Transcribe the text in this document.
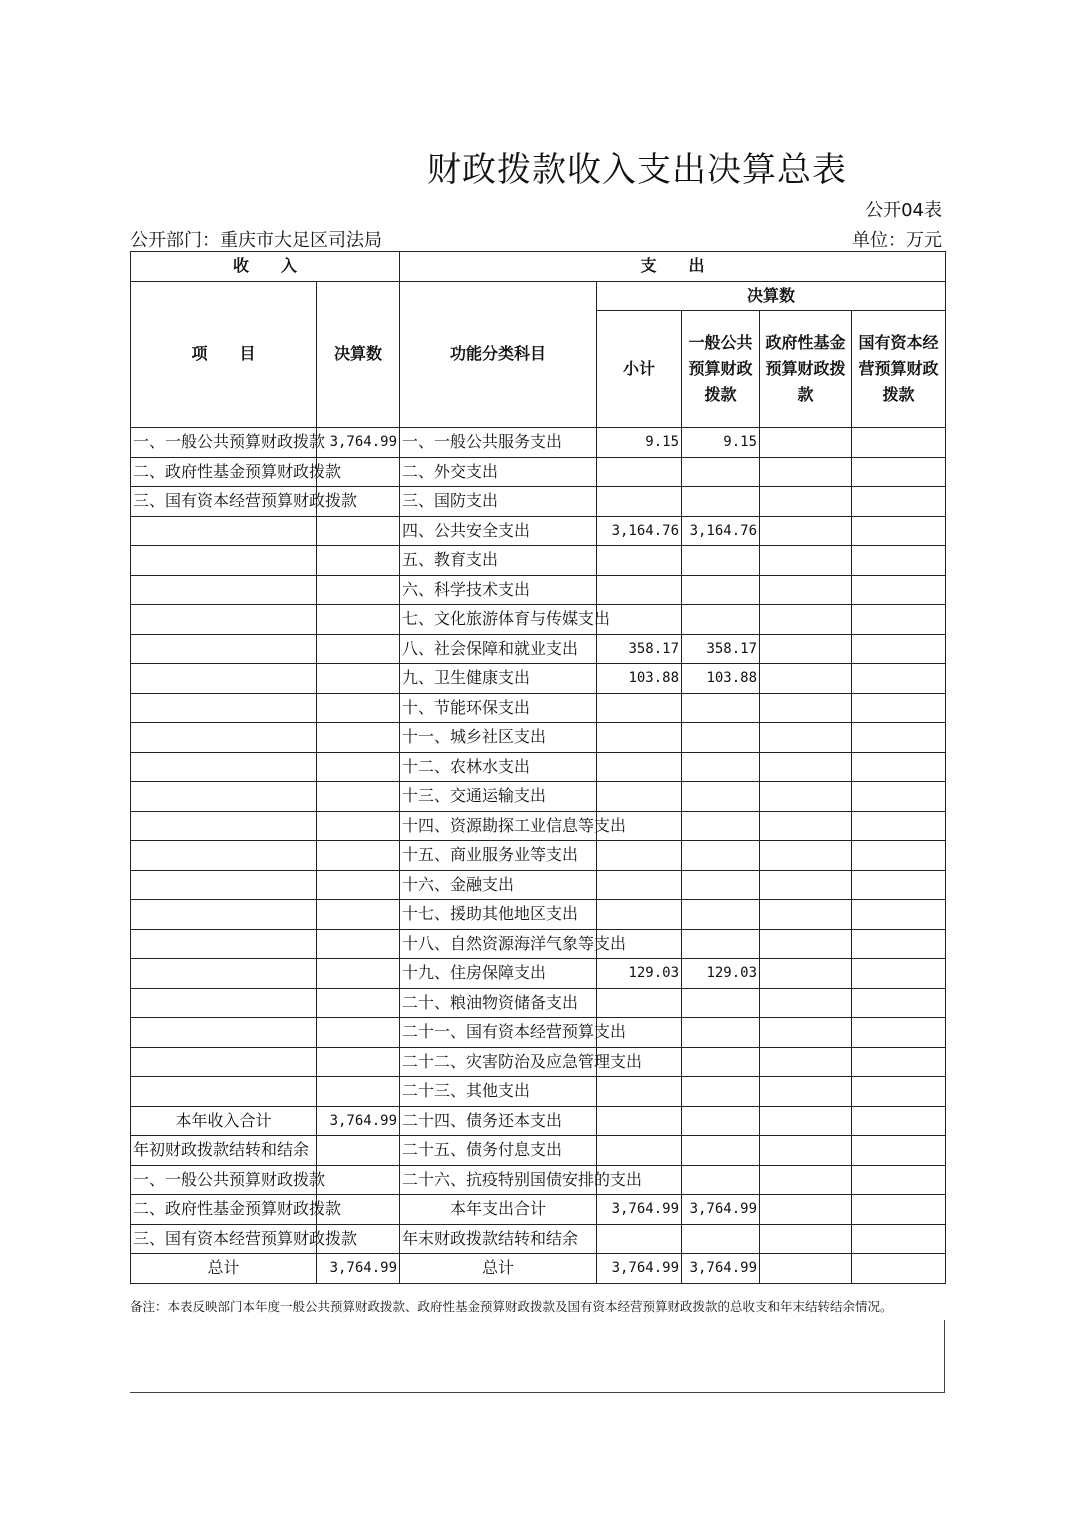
财政拨款收入支出决算总表
公开04表
公开部门：重庆市大足区司法局	单位：万元
收　　入		支　　出				
项　　目	决算数	功能分类科目	决算数			
			小计	一般公共预算财政拨款	政府性基金预算财政拨款	国有资本经营预算财政拨款
一、一般公共预算财政拨款	3,764.99	一、一般公共服务支出	9.15	9.15		
二、政府性基金预算财政拨款		二、外交支出				
三、国有资本经营预算财政拨款		三、国防支出				
		四、公共安全支出	3,164.76	3,164.76		
		五、教育支出				
		六、科学技术支出				
		七、文化旅游体育与传媒支出				
		八、社会保障和就业支出	358.17	358.17		
		九、卫生健康支出	103.88	103.88		
		十、节能环保支出				
		十一、城乡社区支出				
		十二、农林水支出				
		十三、交通运输支出				
		十四、资源勘探工业信息等支出				
		十五、商业服务业等支出				
		十六、金融支出				
		十七、援助其他地区支出				
		十八、自然资源海洋气象等支出				
		十九、住房保障支出	129.03	129.03		
		二十、粮油物资储备支出				
		二十一、国有资本经营预算支出				
		二十二、灾害防治及应急管理支出				
		二十三、其他支出				
本年收入合计	3,764.99	二十四、债务还本支出				
年初财政拨款结转和结余		二十五、债务付息支出				
一、一般公共预算财政拨款		二十六、抗疫特别国债安排的支出				
二、政府性基金预算财政拨款		本年支出合计	3,764.99	3,764.99		
三、国有资本经营预算财政拨款		年末财政拨款结转和结余				
总计	3,764.99	总计	3,764.99	3,764.99		
备注：本表反映部门本年度一般公共预算财政拨款、政府性基金预算财政拨款及国有资本经营预算财政拨款的总收支和年末结转结余情况。
